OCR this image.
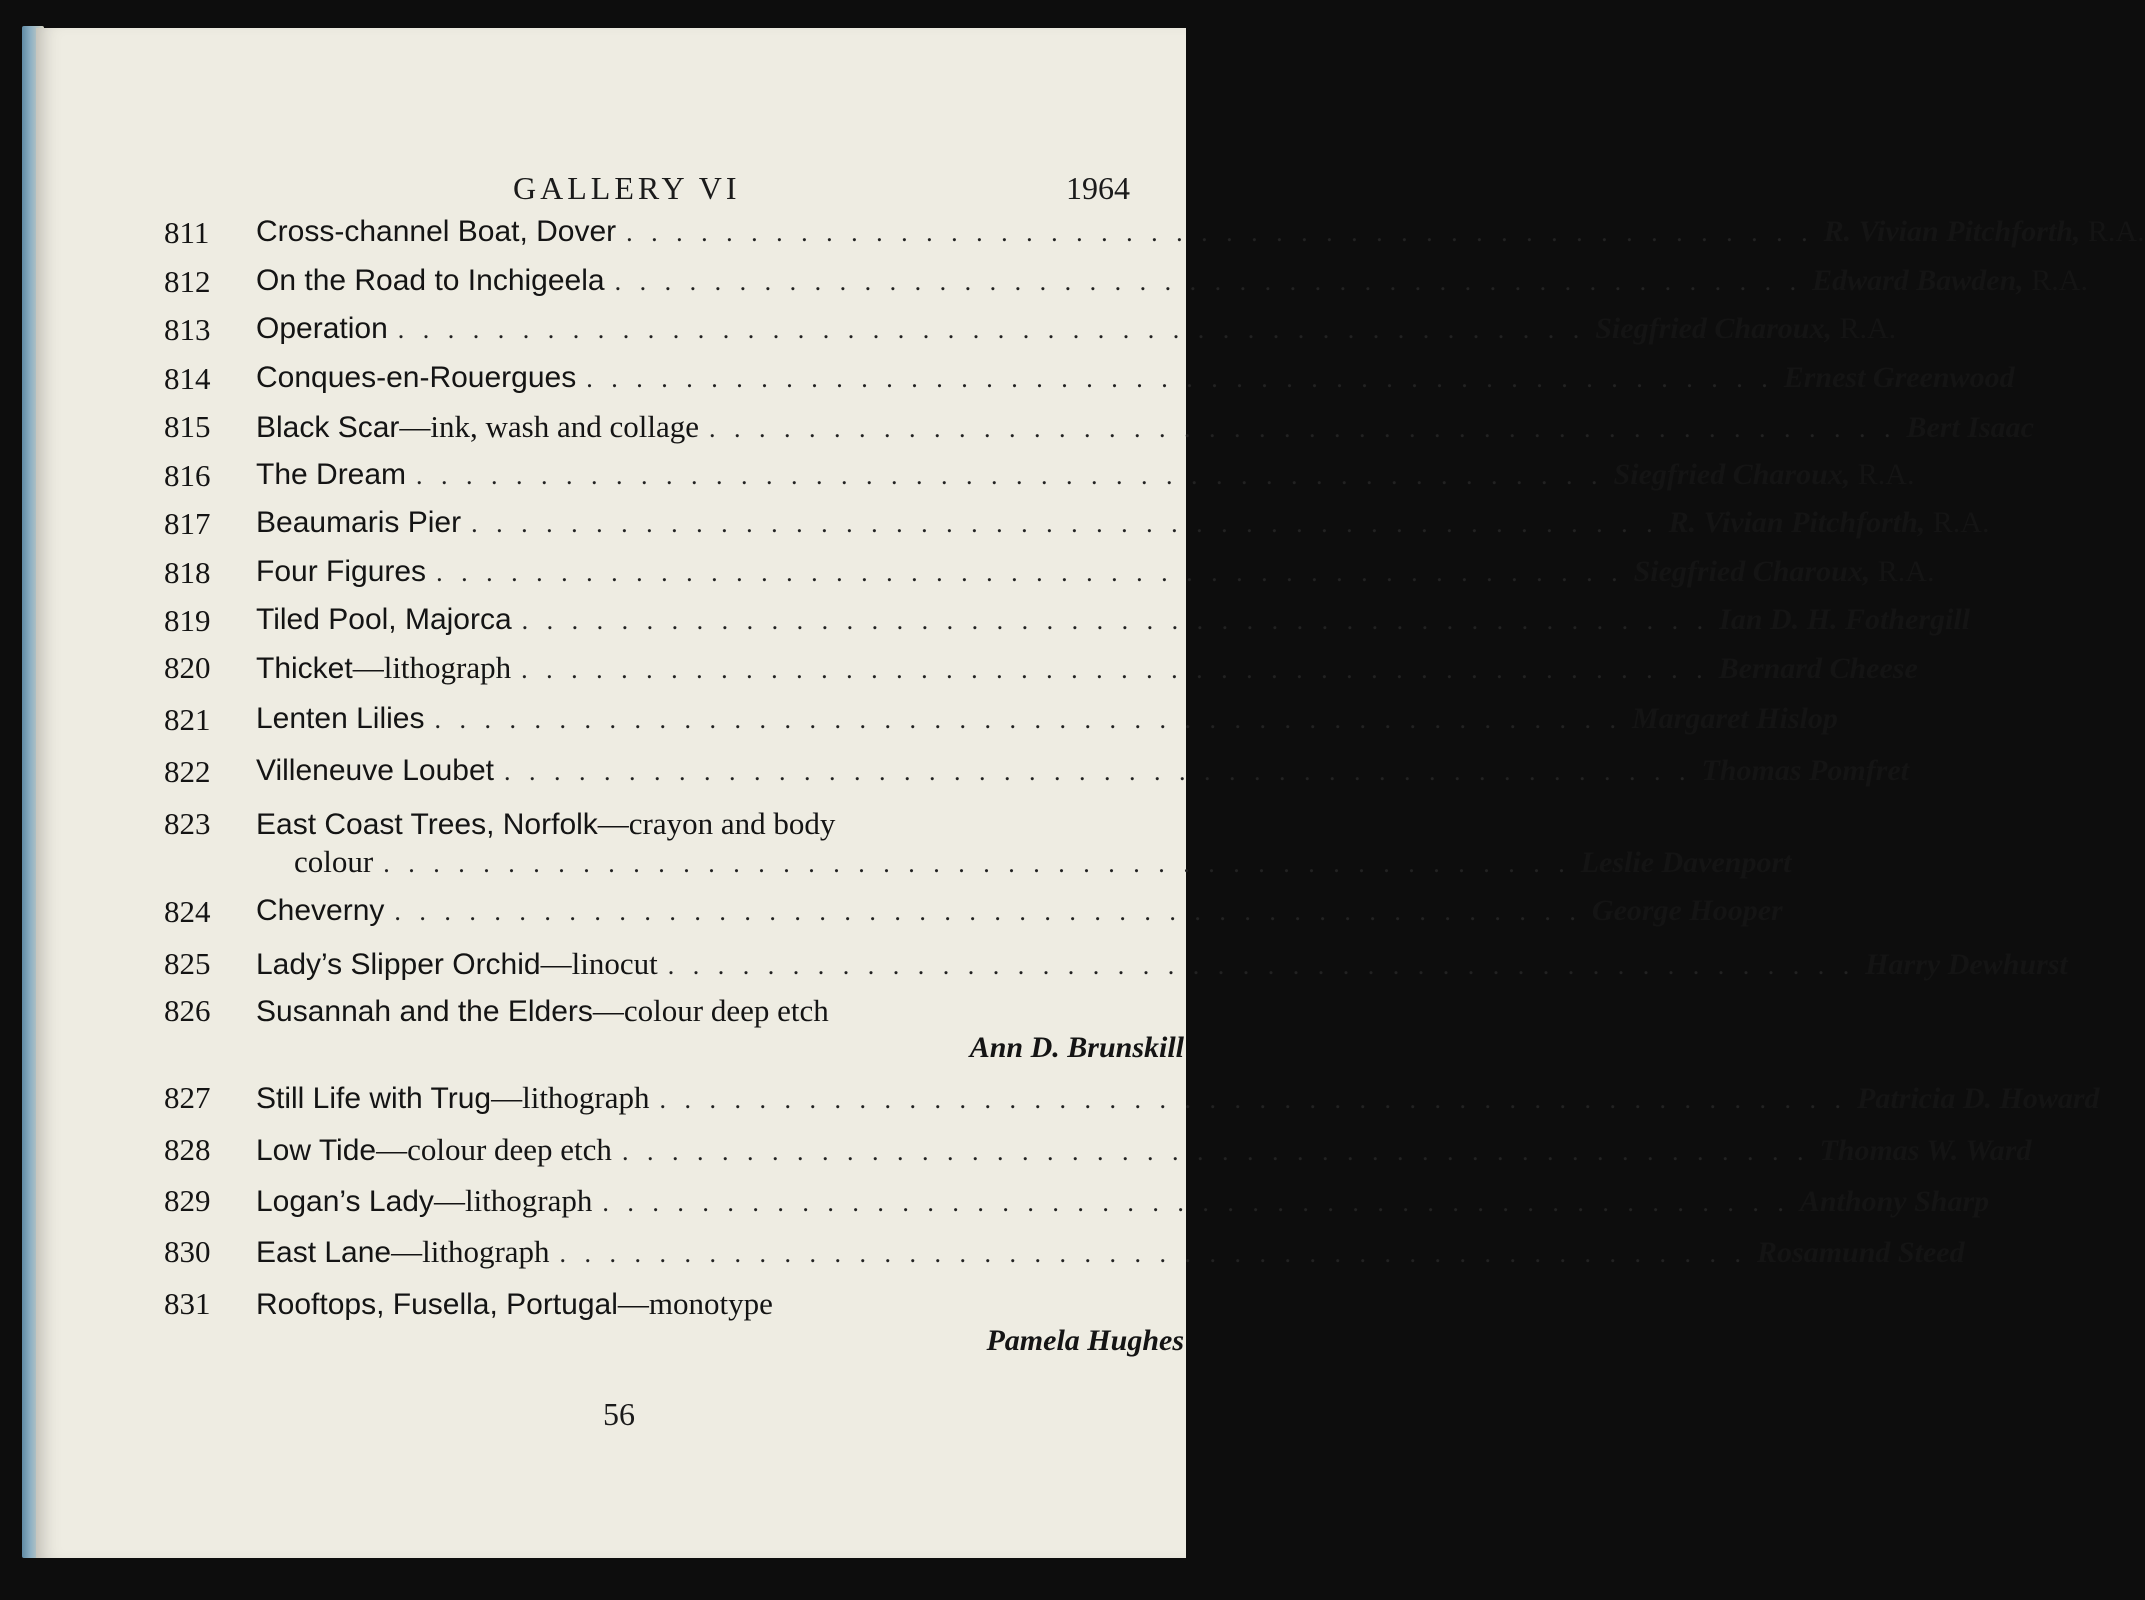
GALLERY VI	1964
811	Cross-channel Boat, Dover . . . . . . . . . . . . . . . . . . . . . . . . . . . . . . . . . . . . . . . . . . . . . . . . R. Vivian Pitchforth, R.A.
812	On the Road to Inchigeela . . . . . . . . . . . . . . . . . . . . . . . . . . . . . . . . . . . . . . . . . . . . . . . . Edward Bawden, R.A.
813	Operation . . . . . . . . . . . . . . . . . . . . . . . . . . . . . . . . . . . . . . . . . . . . . . . . Siegfried Charoux, R.A.
814	Conques-en-Rouergues . . . . . . . . . . . . . . . . . . . . . . . . . . . . . . . . . . . . . . . . . . . . . . . . Ernest Greenwood
815	Black Scar —ink, wash and collage . . . . . . . . . . . . . . . . . . . . . . . . . . . . . . . . . . . . . . . . . . . . . . . . Bert Isaac
816	The Dream . . . . . . . . . . . . . . . . . . . . . . . . . . . . . . . . . . . . . . . . . . . . . . . . Siegfried Charoux, R.A.
817	Beaumaris Pier . . . . . . . . . . . . . . . . . . . . . . . . . . . . . . . . . . . . . . . . . . . . . . . . R. Vivian Pitchforth, R.A.
818	Four Figures . . . . . . . . . . . . . . . . . . . . . . . . . . . . . . . . . . . . . . . . . . . . . . . . Siegfried Charoux, R.A.
819	Tiled Pool, Majorca . . . . . . . . . . . . . . . . . . . . . . . . . . . . . . . . . . . . . . . . . . . . . . . . Ian D. H. Fothergill
820	Thicket —lithograph . . . . . . . . . . . . . . . . . . . . . . . . . . . . . . . . . . . . . . . . . . . . . . . . Bernard Cheese
821	Lenten Lilies . . . . . . . . . . . . . . . . . . . . . . . . . . . . . . . . . . . . . . . . . . . . . . . . Margaret Hislop
822	Villeneuve Loubet . . . . . . . . . . . . . . . . . . . . . . . . . . . . . . . . . . . . . . . . . . . . . . . . Thomas Pomfret
823	East Coast Trees, Norfolk —crayon and body
colour . . . . . . . . . . . . . . . . . . . . . . . . . . . . . . . . . . . . . . . . . . . . . . . . Leslie Davenport
824	Cheverny . . . . . . . . . . . . . . . . . . . . . . . . . . . . . . . . . . . . . . . . . . . . . . . . George Hooper
825	Lady’s Slipper Orchid —linocut . . . . . . . . . . . . . . . . . . . . . . . . . . . . . . . . . . . . . . . . . . . . . . . . Harry Dewhurst
826	Susannah and the Elders —colour deep etch
Ann D. Brunskill
827	Still Life with Trug —lithograph . . . . . . . . . . . . . . . . . . . . . . . . . . . . . . . . . . . . . . . . . . . . . . . . Patricia D. Howard
828	Low Tide —colour deep etch . . . . . . . . . . . . . . . . . . . . . . . . . . . . . . . . . . . . . . . . . . . . . . . . Thomas W. Ward
829	Logan’s Lady —lithograph . . . . . . . . . . . . . . . . . . . . . . . . . . . . . . . . . . . . . . . . . . . . . . . . Anthony Sharp
830	East Lane —lithograph . . . . . . . . . . . . . . . . . . . . . . . . . . . . . . . . . . . . . . . . . . . . . . . . Rosamund Steed
831	Rooftops, Fusella, Portugal —monotype
Pamela Hughes
56
